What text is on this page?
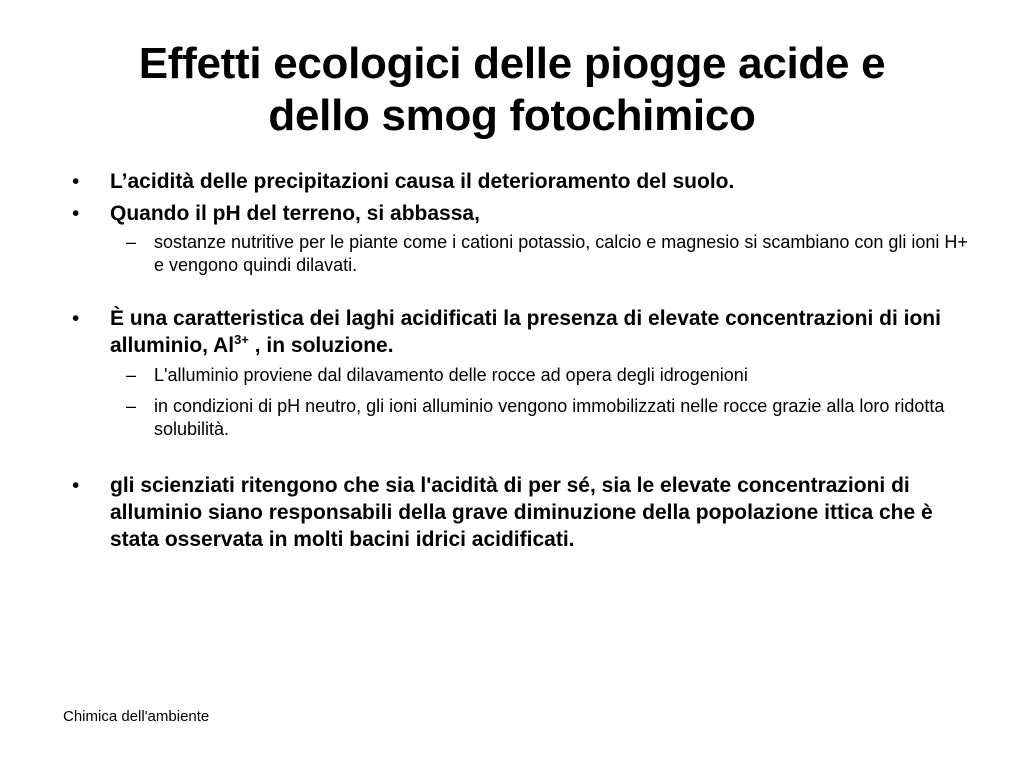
Effetti ecologici delle piogge acide e
dello smog fotochimico
• L’acidità delle precipitazioni causa il deterioramento del suolo.
• Quando il pH del terreno, si abbassa,
– sostanze nutritive per le piante come i cationi potassio, calcio e magnesio si scambiano con gli ioni H+ e vengono quindi dilavati.
• È una caratteristica dei laghi acidificati la presenza di elevate concentrazioni di ioni alluminio, $Al^{3+}$ , in soluzione.
– L'alluminio proviene dal dilavamento delle rocce ad opera degli idrogenioni
– in condizioni di pH neutro, gli ioni alluminio vengono immobilizzati nelle rocce grazie alla loro ridotta solubilità.
• gli scienziati ritengono che sia l'acidità di per sé, sia le elevate concentrazioni di alluminio siano responsabili della grave diminuzione della popolazione ittica che è stata osservata in molti bacini idrici acidificati.
Chimica dell'ambiente
